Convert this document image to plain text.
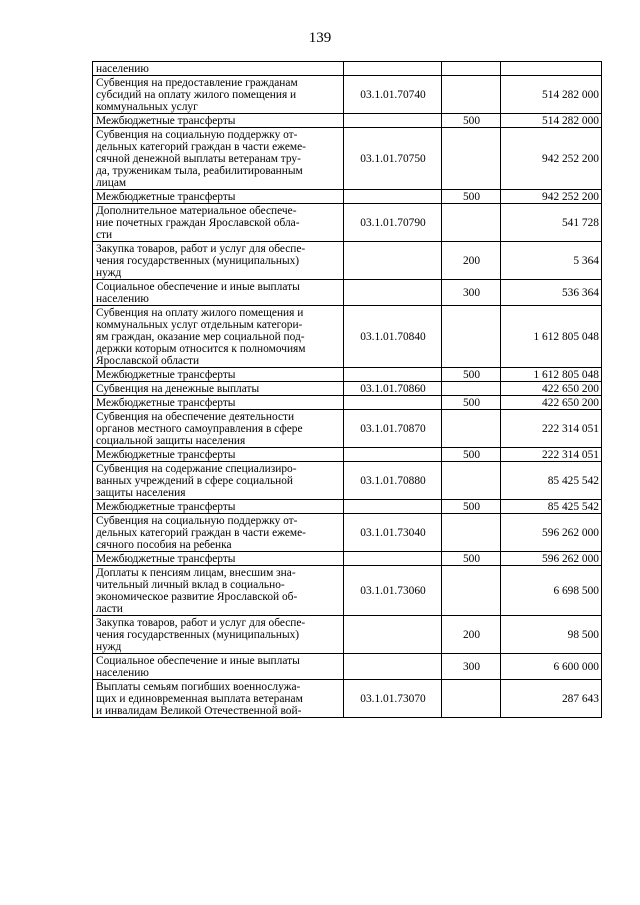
139
населению			

Субвенция на предоставление гражданам
субсидий на оплату жилого помещения и
коммунальных услуг	03.1.01.70740		514 282 000

Межбюджетные трансферты		500	514 282 000

Субвенция на социальную поддержку от-
дельных категорий граждан в части ежеме-
сячной денежной выплаты ветеранам тру-
да, труженикам тыла, реабилитированным
лицам	03.1.01.70750		942 252 200

Межбюджетные трансферты		500	942 252 200

Дополнительное материальное обеспече-
ние почетных граждан Ярославской обла-
сти	03.1.01.70790		541 728

Закупка товаров, работ и услуг для обеспе-
чения государственных (муниципальных)
нужд		200	5 364

Социальное обеспечение и иные выплаты
населению		300	536 364

Субвенция на оплату жилого помещения и
коммунальных услуг отдельным категори-
ям граждан, оказание мер социальной под-
держки которым относится к полномочиям
Ярославской области	03.1.01.70840		1 612 805 048

Межбюджетные трансферты		500	1 612 805 048

Субвенция на денежные выплаты	03.1.01.70860		422 650 200

Межбюджетные трансферты		500	422 650 200

Субвенция на обеспечение деятельности
органов местного самоуправления в сфере
социальной защиты населения	03.1.01.70870		222 314 051

Межбюджетные трансферты		500	222 314 051

Субвенция на содержание специализиро-
ванных учреждений в сфере социальной
защиты населения	03.1.01.70880		85 425 542

Межбюджетные трансферты		500	85 425 542

Субвенция на социальную поддержку от-
дельных категорий граждан в части ежеме-
сячного пособия на ребенка	03.1.01.73040		596 262 000

Межбюджетные трансферты		500	596 262 000

Доплаты к пенсиям лицам, внесшим зна-
чительный личный вклад в социально-
экономическое развитие Ярославской об-
ласти	03.1.01.73060		6 698 500

Закупка товаров, работ и услуг для обеспе-
чения государственных (муниципальных)
нужд		200	98 500

Социальное обеспечение и иные выплаты
населению		300	6 600 000

Выплаты семьям погибших военнослужа-
щих и единовременная выплата ветеранам
и инвалидам Великой Отечественной вой-	03.1.01.73070		287 643
